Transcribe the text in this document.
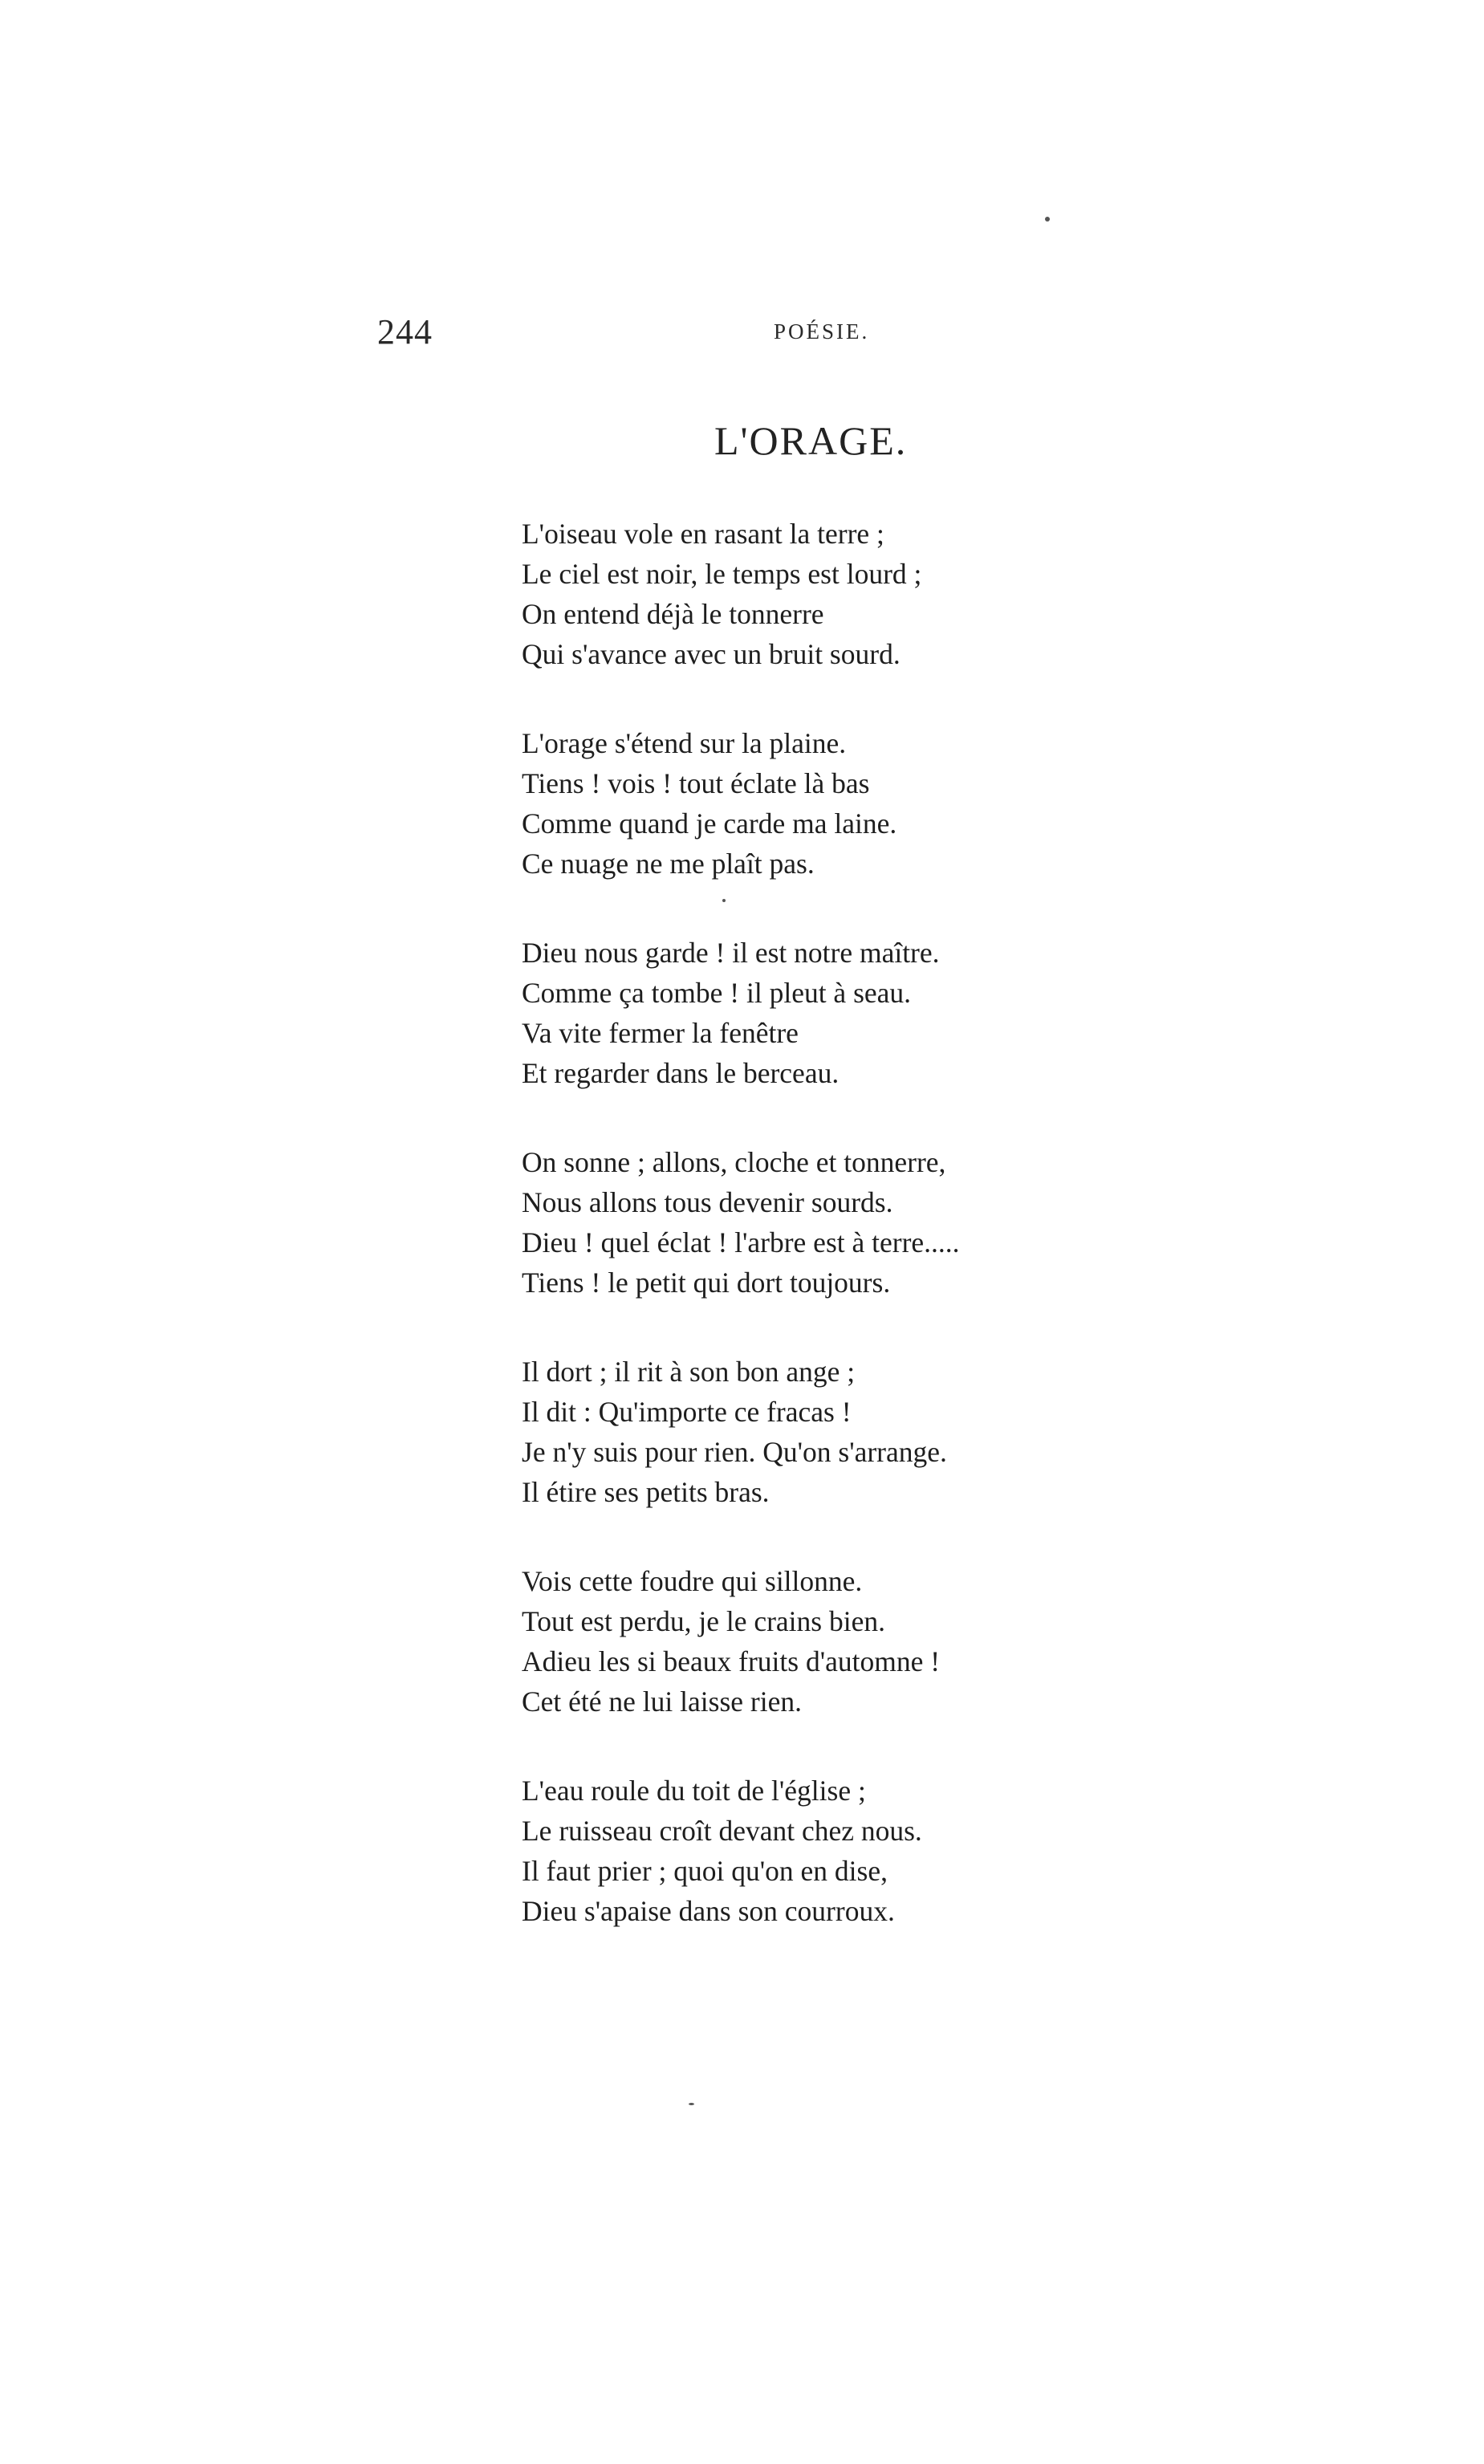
244	POÉSIE.
L'ORAGE.
L'oiseau vole en rasant la terre ;
Le ciel est noir, le temps est lourd ;
On entend déjà le tonnerre
Qui s'avance avec un bruit sourd.
L'orage s'étend sur la plaine.
Tiens ! vois ! tout éclate là bas
Comme quand je carde ma laine.
Ce nuage ne me plaît pas.
Dieu nous garde ! il est notre maître.
Comme ça tombe ! il pleut à seau.
Va vite fermer la fenêtre
Et regarder dans le berceau.
On sonne ; allons, cloche et tonnerre,
Nous allons tous devenir sourds.
Dieu ! quel éclat ! l'arbre est à terre.....
Tiens ! le petit qui dort toujours.
Il dort ; il rit à son bon ange ;
Il dit : Qu'importe ce fracas !
Je n'y suis pour rien. Qu'on s'arrange.
Il étire ses petits bras.
Vois cette foudre qui sillonne.
Tout est perdu, je le crains bien.
Adieu les si beaux fruits d'automne !
Cet été ne lui laisse rien.
L'eau roule du toit de l'église ;
Le ruisseau croît devant chez nous.
Il faut prier ; quoi qu'on en dise,
Dieu s'apaise dans son courroux.
